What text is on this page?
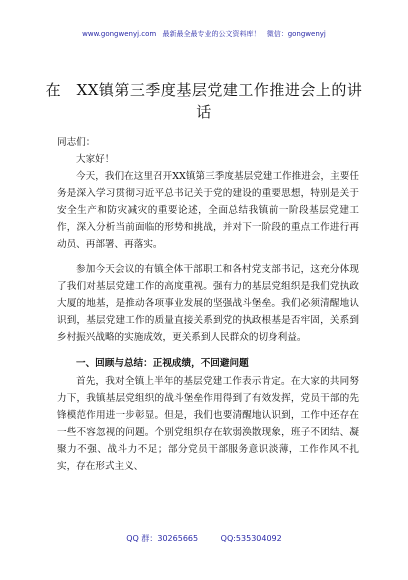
www.gongwenyj.com 最新最全最专业的公文资料库！ 微信：gongwenyj
在　XX镇第三季度基层党建工作推进会上的讲话
同志们：
大家好！
今天，我们在这里召开XX镇第三季度基层党建工作推进会，主要任务是深入学习贯彻习近平总书记关于党的建设的重要思想，特别是关于安全生产和防灾减灾的重要论述，全面总结我镇前一阶段基层党建工作，深入分析当前面临的形势和挑战，并对下一阶段的重点工作进行再动员、再部署、再落实。
参加今天会议的有镇全体干部职工和各村党支部书记，这充分体现了我们对基层党建工作的高度重视。强有力的基层党组织是我们党执政大厦的地基，是推动各项事业发展的坚强战斗堡垒。我们必须清醒地认识到，基层党建工作的质量直接关系到党的执政根基是否牢固，关系到乡村振兴战略的实施成效，更关系到人民群众的切身利益。
一、回顾与总结：正视成绩，不回避问题
首先，我对全镇上半年的基层党建工作表示肯定。在大家的共同努力下，我镇基层党组织的战斗堡垒作用得到了有效发挥，党员干部的先锋模范作用进一步彰显。但是，我们也要清醒地认识到，工作中还存在一些不容忽视的问题。个别党组织存在软弱涣散现象，班子不团结、凝聚力不强、战斗力不足；部分党员干部服务意识淡薄，工作作风不扎实，存在形式主义、
QQ 群：30265665	QQ:535304092
